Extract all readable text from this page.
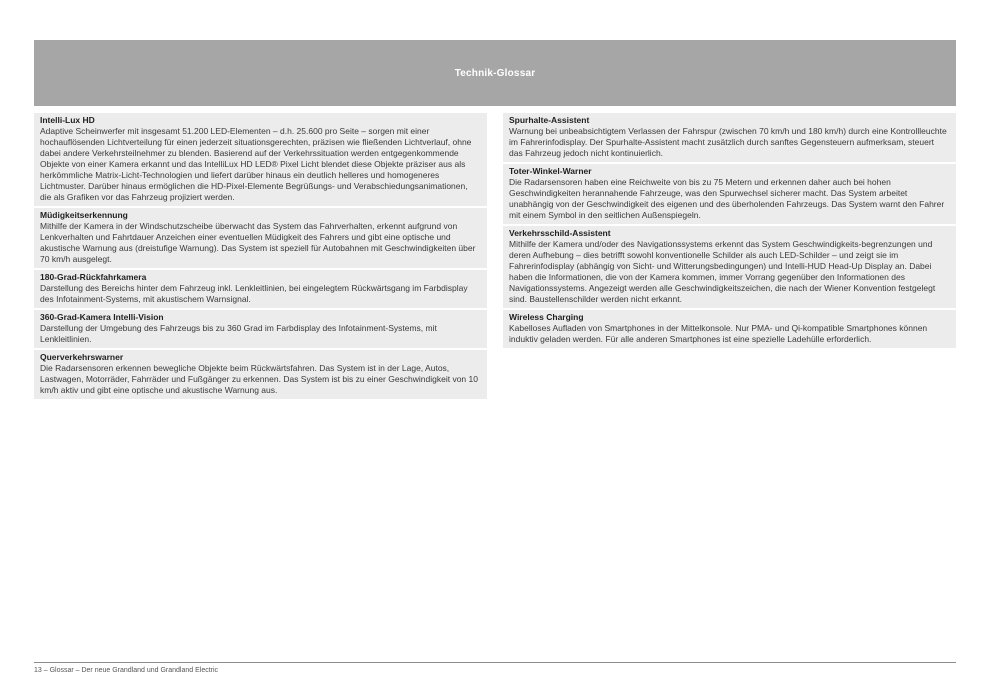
Technik-Glossar
Intelli-Lux HD
Adaptive Scheinwerfer mit insgesamt 51.200 LED-Elementen – d.h. 25.600 pro Seite – sorgen mit einer hochauflösenden Lichtverteilung für einen jederzeit situationsgerechten, präzisen wie fließenden Lichtverlauf, ohne dabei andere Verkehrsteilnehmer zu blenden. Basierend auf der Verkehrssituation werden entgegenkommende Objekte von einer Kamera erkannt und das IntelliLux HD LED® Pixel Licht blendet diese Objekte präziser aus als herkömmliche Matrix-Licht-Technologien und liefert darüber hinaus ein deutlich helleres und homogeneres Lichtmuster. Darüber hinaus ermöglichen die HD-Pixel-Elemente Begrüßungs- und Verabschiedungsanimationen, die als Grafiken vor das Fahrzeug projiziert werden.
Müdigkeitserkennung
Mithilfe der Kamera in der Windschutzscheibe überwacht das System das Fahrverhalten, erkennt aufgrund von Lenkverhalten und Fahrtdauer Anzeichen einer eventuellen Müdigkeit des Fahrers und gibt eine optische und akustische Warnung aus (dreistufige Warnung). Das System ist speziell für Autobahnen mit Geschwindigkeiten über 70 km/h ausgelegt.
180-Grad-Rückfahrkamera
Darstellung des Bereichs hinter dem Fahrzeug inkl. Lenkleitlinien, bei eingelegtem Rückwärtsgang im Farbdisplay des Infotainment-Systems, mit akustischem Warnsignal.
360-Grad-Kamera Intelli-Vision
Darstellung der Umgebung des Fahrzeugs bis zu 360 Grad im Farbdisplay des Infotainment-Systems, mit Lenkleitlinien.
Querverkehrswarner
Die Radarsensoren erkennen bewegliche Objekte beim Rückwärtsfahren. Das System ist in der Lage, Autos, Lastwagen, Motorräder, Fahrräder und Fußgänger zu erkennen. Das System ist bis zu einer Geschwindigkeit von 10 km/h aktiv und gibt eine optische und akustische Warnung aus.
Spurhalte-Assistent
Warnung bei unbeabsichtigtem Verlassen der Fahrspur (zwischen 70 km/h und 180 km/h) durch eine Kontrollleuchte im Fahrerinfodisplay. Der Spurhalte-Assistent macht zusätzlich durch sanftes Gegensteuern aufmerksam, steuert das Fahrzeug jedoch nicht kontinuierlich.
Toter-Winkel-Warner
Die Radarsensoren haben eine Reichweite von bis zu 75 Metern und erkennen daher auch bei hohen Geschwindigkeiten herannahende Fahrzeuge, was den Spurwechsel sicherer macht. Das System arbeitet unabhängig von der Geschwindigkeit des eigenen und des überholenden Fahrzeugs. Das System warnt den Fahrer mit einem Symbol in den seitlichen Außenspiegeln.
Verkehrsschild-Assistent
Mithilfe der Kamera und/oder des Navigationssystems erkennt das System Geschwindigkeits-begrenzungen und deren Aufhebung – dies betrifft sowohl konventionelle Schilder als auch LED-Schilder – und zeigt sie im Fahrerinfodisplay (abhängig von Sicht- und Witterungsbedingungen) und Intelli-HUD Head-Up Display an. Dabei haben die Informationen, die von der Kamera kommen, immer Vorrang gegenüber den Informationen des Navigationssystems. Angezeigt werden alle Geschwindigkeitszeichen, die nach der Wiener Konvention festgelegt sind. Baustellenschilder werden nicht erkannt.
Wireless Charging
Kabelloses Aufladen von Smartphones in der Mittelkonsole. Nur PMA- und Qi-kompatible Smartphones können induktiv geladen werden. Für alle anderen Smartphones ist eine spezielle Ladehülle erforderlich.
13 – Glossar – Der neue Grandland und Grandland Electric
